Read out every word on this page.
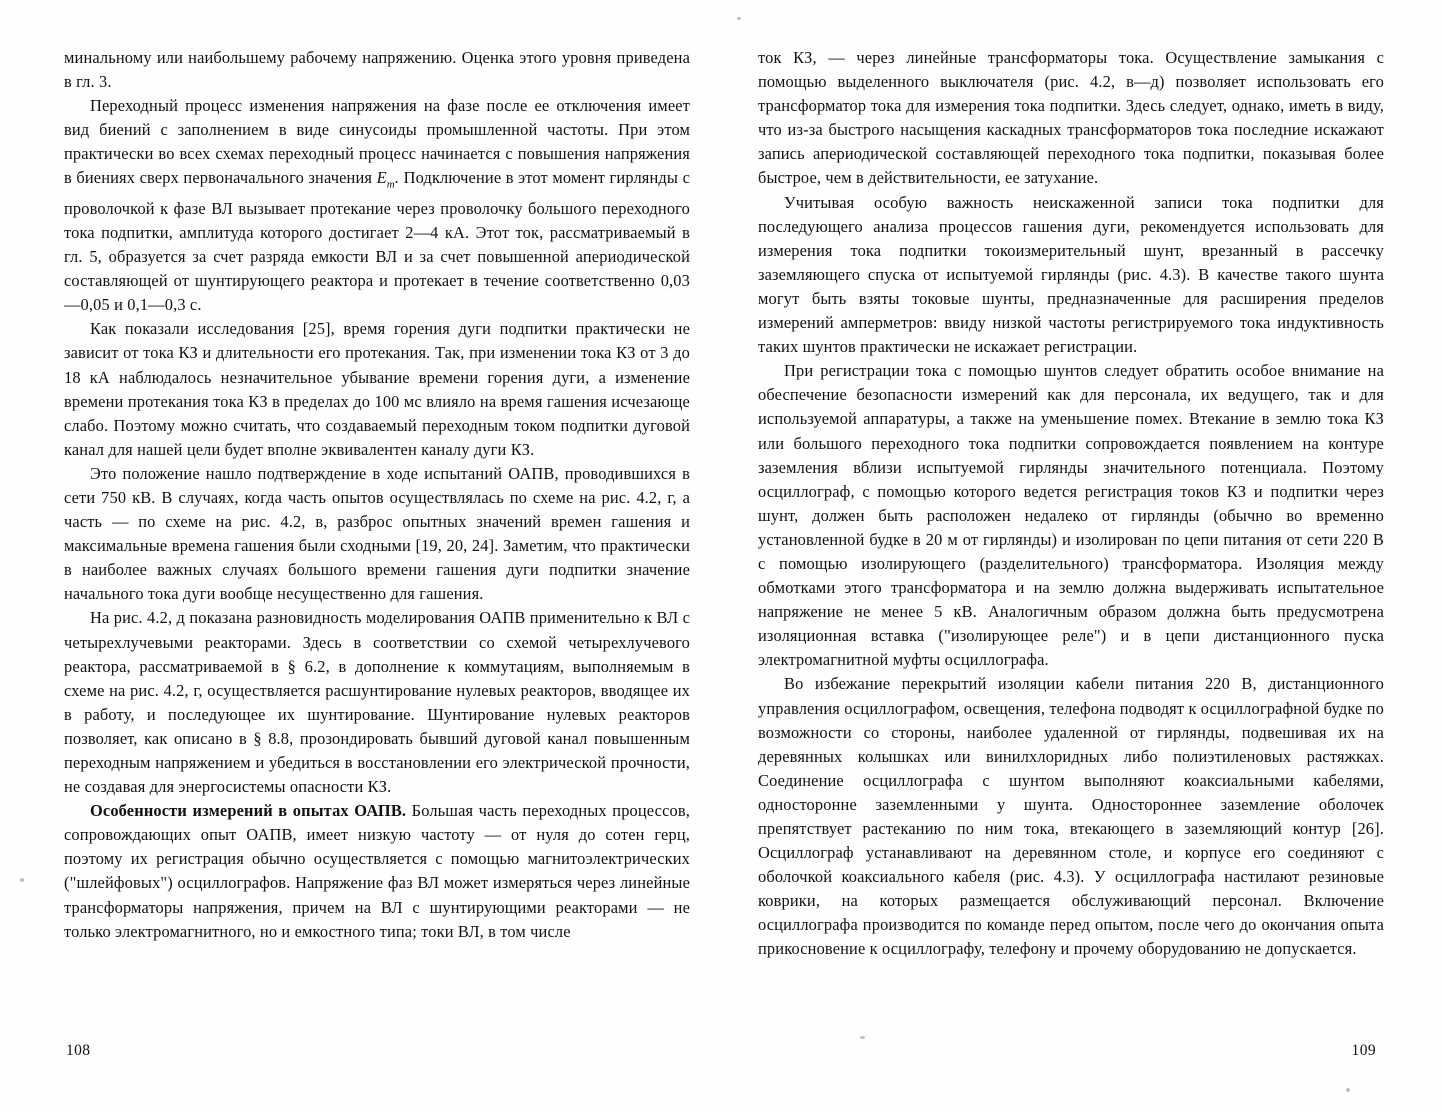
минальному или наибольшему рабочему напряжению. Оценка этого уровня приведена в гл. 3.

Переходный процесс изменения напряжения на фазе после ее отключения имеет вид биений с заполнением в виде синусоиды промышленной частоты. При этом практически во всех схемах переходный процесс начинается с повышения напряжения в биениях сверх первоначального значения $E_m$. Подключение в этот момент гирлянды с проволочкой к фазе ВЛ вызывает протекание через проволочку большого переходного тока подпитки, амплитуда которого достигает 2—4 кА. Этот ток, рассматриваемый в гл. 5, образуется за счет разряда емкости ВЛ и за счет повышенной апериодической составляющей от шунтирующего реактора и протекает в течение соответственно 0,03—0,05 и 0,1—0,3 с.

Как показали исследования [25], время горения дуги подпитки практически не зависит от тока КЗ и длительности его протекания. Так, при изменении тока КЗ от 3 до 18 кА наблюдалось незначительное убывание времени горения дуги, а изменение времени протекания тока КЗ в пределах до 100 мс влияло на время гашения исчезающе слабо. Поэтому можно считать, что создаваемый переходным током подпитки дуговой канал для нашей цели будет вполне эквивалентен каналу дуги КЗ.

Это положение нашло подтверждение в ходе испытаний ОАПВ, проводившихся в сети 750 кВ. В случаях, когда часть опытов осуществлялась по схеме на рис. 4.2, г, а часть — по схеме на рис. 4.2, в, разброс опытных значений времен гашения и максимальные времена гашения были сходными [19, 20, 24]. Заметим, что практически в наиболее важных случаях большого времени гашения дуги подпитки значение начального тока дуги вообще несущественно для гашения.

На рис. 4.2, д показана разновидность моделирования ОАПВ применительно к ВЛ с четырехлучевыми реакторами. Здесь в соответствии со схемой четырехлучевого реактора, рассматриваемой в § 6.2, в дополнение к коммутациям, выполняемым в схеме на рис. 4.2, г, осуществляется расшунтирование нулевых реакторов, вводящее их в работу, и последующее их шунтирование. Шунтирование нулевых реакторов позволяет, как описано в § 8.8, прозондировать бывший дуговой канал повышенным переходным напряжением и убедиться в восстановлении его электрической прочности, не создавая для энергосистемы опасности КЗ.

Особенности измерений в опытах ОАПВ. Большая часть переходных процессов, сопровождающих опыт ОАПВ, имеет низкую частоту — от нуля до сотен герц, поэтому их регистрация обычно осуществляется с помощью магнитоэлектрических ("шлейфовых") осциллографов. Напряжение фаз ВЛ может измеряться через линейные трансформаторы напряжения, причем на ВЛ с шунтирующими реакторами — не только электромагнитного, но и емкостного типа; токи ВЛ, в том числе

ток КЗ, — через линейные трансформаторы тока. Осуществление замыкания с помощью выделенного выключателя (рис. 4.2, в—д) позволяет использовать его трансформатор тока для измерения тока подпитки. Здесь следует, однако, иметь в виду, что из-за быстрого насыщения каскадных трансформаторов тока последние искажают запись апериодической составляющей переходного тока подпитки, показывая более быстрое, чем в действительности, ее затухание.

Учитывая особую важность неискаженной записи тока подпитки для последующего анализа процессов гашения дуги, рекомендуется использовать для измерения тока подпитки токоизмерительный шунт, врезанный в рассечку заземляющего спуска от испытуемой гирлянды (рис. 4.3). В качестве такого шунта могут быть взяты токовые шунты, предназначенные для расширения пределов измерений амперметров: ввиду низкой частоты регистрируемого тока индуктивность таких шунтов практически не искажает регистрации.

При регистрации тока с помощью шунтов следует обратить особое внимание на обеспечение безопасности измерений как для персонала, их ведущего, так и для используемой аппаратуры, а также на уменьшение помех. Втекание в землю тока КЗ или большого переходного тока подпитки сопровождается появлением на контуре заземления вблизи испытуемой гирлянды значительного потенциала. Поэтому осциллограф, с помощью которого ведется регистрация токов КЗ и подпитки через шунт, должен быть расположен недалеко от гирлянды (обычно во временно установленной будке в 20 м от гирлянды) и изолирован по цепи питания от сети 220 В с помощью изолирующего (разделительного) трансформатора. Изоляция между обмотками этого трансформатора и на землю должна выдерживать испытательное напряжение не менее 5 кВ. Аналогичным образом должна быть предусмотрена изоляционная вставка ("изолирующее реле") и в цепи дистанционного пуска электромагнитной муфты осциллографа.

Во избежание перекрытий изоляции кабели питания 220 В, дистанционного управления осциллографом, освещения, телефона подводят к осциллографной будке по возможности со стороны, наиболее удаленной от гирлянды, подвешивая их на деревянных колышках или винилхлоридных либо полиэтиленовых растяжках. Соединение осциллографа с шунтом выполняют коаксиальными кабелями, односторонне заземленными у шунта. Одностороннее заземление оболочек препятствует растеканию по ним тока, втекающего в заземляющий контур [26]. Осциллограф устанавливают на деревянном столе, и корпусе его соединяют с оболочкой коаксиального кабеля (рис. 4.3). У осциллографа настилают резиновые коврики, на которых размещается обслуживающий персонал. Включение осциллографа производится по команде перед опытом, после чего до окончания опыта прикосновение к осциллографу, телефону и прочему оборудованию не допускается.

108	109
